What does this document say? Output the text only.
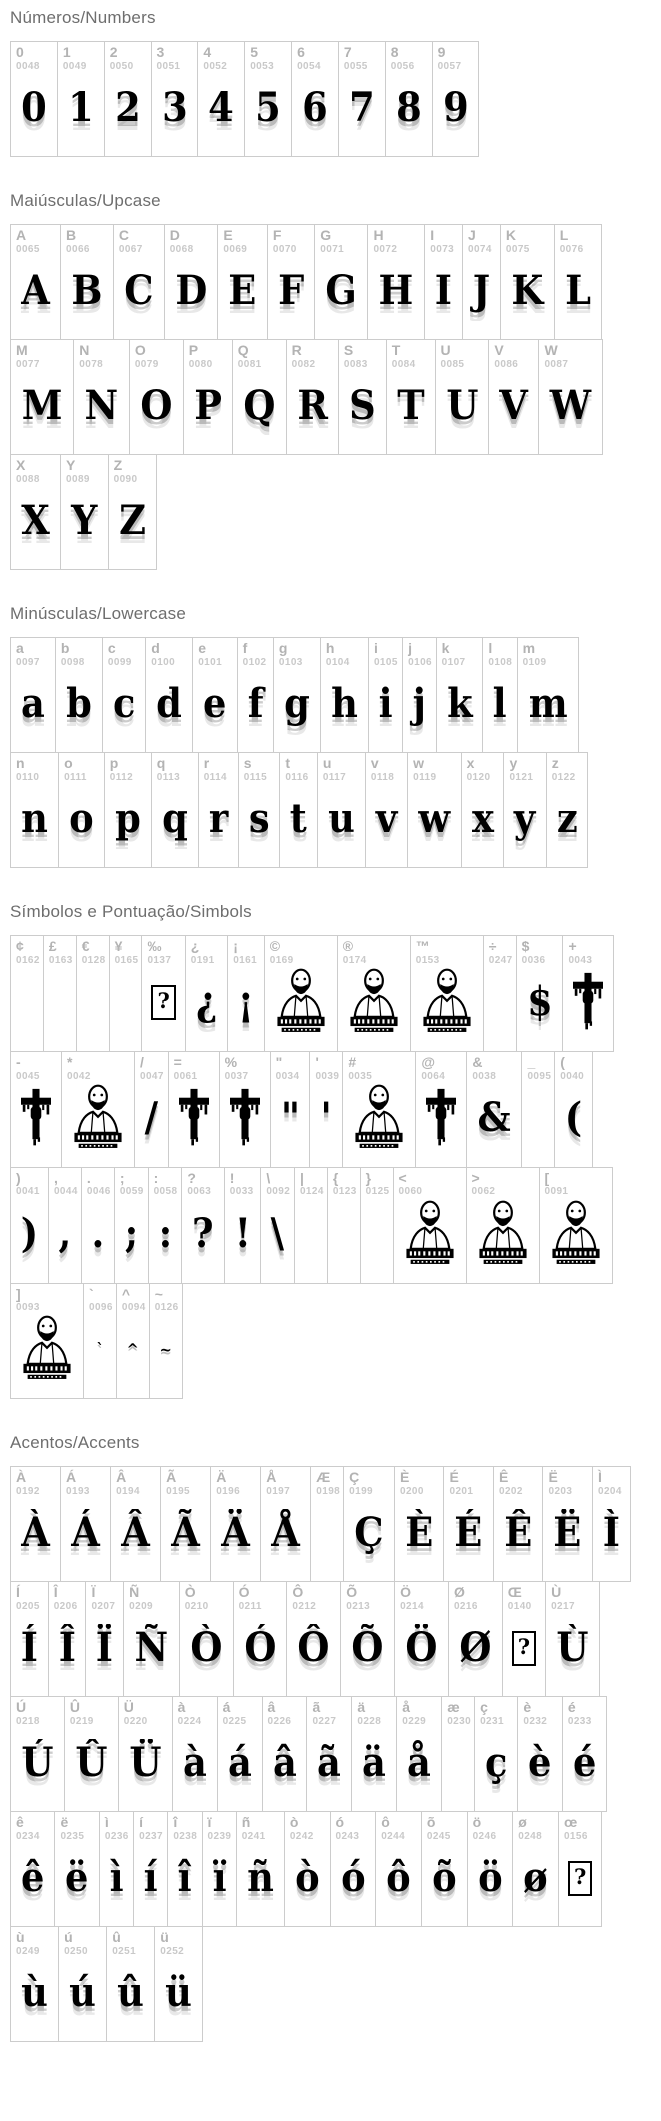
Números/Numbers
0
0048
0
1
0049
1
2
0050
2
3
0051
3
4
0052
4
5
0053
5
6
0054
6
7
0055
7
8
0056
8
9
0057
9
Maiúsculas/Upcase
A
0065
A
B
0066
B
C
0067
C
D
0068
D
E
0069
E
F
0070
F
G
0071
G
H
0072
H
I
0073
I
J
0074
J
K
0075
K
L
0076
L
M
0077
M
N
0078
N
O
0079
O
P
0080
P
Q
0081
Q
R
0082
R
S
0083
S
T
0084
T
U
0085
U
V
0086
V
W
0087
W
X
0088
X
Y
0089
Y
Z
0090
Z
Minúsculas/Lowercase
a
0097
a
b
0098
b
c
0099
c
d
0100
d
e
0101
e
f
0102
f
g
0103
g
h
0104
h
i
0105
i
j
0106
j
k
0107
k
l
0108
l
m
0109
m
n
0110
n
o
0111
o
p
0112
p
q
0113
q
r
0114
r
s
0115
s
t
0116
t
u
0117
u
v
0118
v
w
0119
w
x
0120
x
y
0121
y
z
0122
z
Símbolos e Pontuação/Simbols
¢
0162
£
0163
€
0128
¥
0165
‰
0137
?
¿
0191
¿
¡
0161
¡
©
0169
®
0174
™
0153
÷
0247
$
0036
$
+
0043
-
0045
*
0042
/
0047
/
=
0061
%
0037
"
0034
"
'
0039
'
#
0035
@
0064
&
0038
&
_
0095
(
0040
(
)
0041
)
,
0044
,
.
0046
.
;
0059
;
:
0058
:
?
0063
?
!
0033
!
\
0092
\
|
0124
{
0123
}
0125
<
0060
>
0062
[
0091
]
0093
`
0096
`
^
0094
^
~
0126
~
Acentos/Accents
À
0192
À
Á
0193
Á
Â
0194
Â
Ã
0195
Ã
Ä
0196
Ä
Å
0197
Å
Æ
0198
Ç
0199
Ç
È
0200
È
É
0201
É
Ê
0202
Ê
Ë
0203
Ë
Ì
0204
Ì
Í
0205
Í
Î
0206
Î
Ï
0207
Ï
Ñ
0209
Ñ
Ò
0210
Ò
Ó
0211
Ó
Ô
0212
Ô
Õ
0213
Õ
Ö
0214
Ö
Ø
0216
Ø
Œ
0140
?
Ù
0217
Ù
Ú
0218
Ú
Û
0219
Û
Ü
0220
Ü
à
0224
à
á
0225
á
â
0226
â
ã
0227
ã
ä
0228
ä
å
0229
å
æ
0230
ç
0231
ç
è
0232
è
é
0233
é
ê
0234
ê
ë
0235
ë
ì
0236
ì
í
0237
í
î
0238
î
ï
0239
ï
ñ
0241
ñ
ò
0242
ò
ó
0243
ó
ô
0244
ô
õ
0245
õ
ö
0246
ö
ø
0248
ø
œ
0156
?
ù
0249
ù
ú
0250
ú
û
0251
û
ü
0252
ü
